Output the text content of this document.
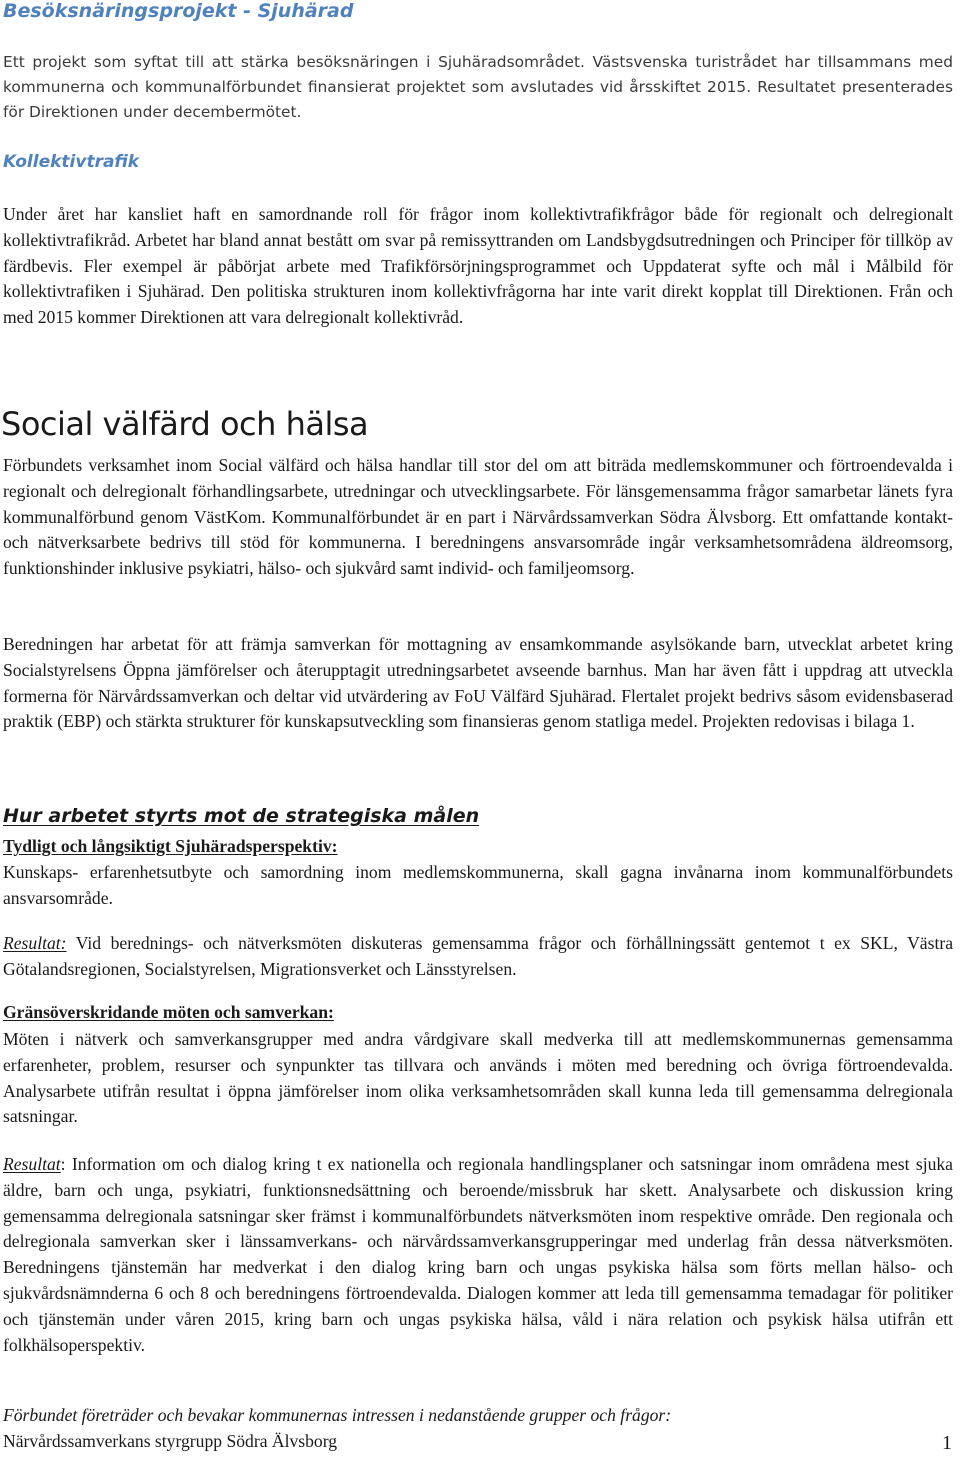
Besöksnäringsprojekt - Sjuhärad

Ett projekt som syftat till att stärka besöksnäringen i Sjuhäradsområdet. Västsvenska turistrådet har tillsammans med kommunerna och kommunalförbundet finansierat projektet som avslutades vid årsskiftet 2015. Resultatet presenterades för Direktionen under decembermötet.

Kollektivtrafik

Under året har kansliet haft en samordnande roll för frågor inom kollektivtrafikfrågor både för regionalt och delregionalt kollektivtrafikråd. Arbetet har bland annat bestått om svar på remissyttranden om Landsbygdsutredningen och Principer för tillköp av färdbevis. Fler exempel är påbörjat arbete med Trafikförsörjningsprogrammet och Uppdaterat syfte och mål i Målbild för kollektivtrafiken i Sjuhärad. Den politiska strukturen inom kollektivfrågorna har inte varit direkt kopplat till Direktionen. Från och med 2015 kommer Direktionen att vara delregionalt kollektivråd.

Social välfärd och hälsa

Förbundets verksamhet inom Social välfärd och hälsa handlar till stor del om att biträda medlemskommuner och förtroendevalda i regionalt och delregionalt förhandlingsarbete, utredningar och utvecklingsarbete. För länsgemensamma frågor samarbetar länets fyra kommunalförbund genom VästKom. Kommunalförbundet är en part i Närvårdssamverkan Södra Älvsborg. Ett omfattande kontakt- och nätverksarbete bedrivs till stöd för kommunerna. I beredningens ansvarsområde ingår verksamhetsområdena äldreomsorg, funktionshinder inklusive psykiatri, hälso- och sjukvård samt individ- och familjeomsorg.

Beredningen har arbetat för att främja samverkan för mottagning av ensamkommande asylsökande barn, utvecklat arbetet kring Socialstyrelsens Öppna jämförelser och återupptagit utredningsarbetet avseende barnhus. Man har även fått i uppdrag att utveckla formerna för Närvårdssamverkan och deltar vid utvärdering av FoU Välfärd Sjuhärad. Flertalet projekt bedrivs såsom evidensbaserad praktik (EBP) och stärkta strukturer för kunskapsutveckling som finansieras genom statliga medel. Projekten redovisas i bilaga 1.

Hur arbetet styrts mot de strategiska målen

Tydligt och långsiktigt Sjuhäradsperspektiv:

Kunskaps- erfarenhetsutbyte och samordning inom medlemskommunerna, skall gagna invånarna inom kommunalförbundets ansvarsområde.

Resultat: Vid berednings- och nätverksmöten diskuteras gemensamma frågor och förhållningssätt gentemot t ex SKL, Västra Götalandsregionen, Socialstyrelsen, Migrationsverket och Länsstyrelsen.

Gränsöverskridande möten och samverkan:

Möten i nätverk och samverkansgrupper med andra vårdgivare skall medverka till att medlemskommunernas gemensamma erfarenheter, problem, resurser och synpunkter tas tillvara och används i möten med beredning och övriga förtroendevalda. Analysarbete utifrån resultat i öppna jämförelser inom olika verksamhetsområden skall kunna leda till gemensamma delregionala satsningar.

Resultat: Information om och dialog kring t ex nationella och regionala handlingsplaner och satsningar inom områdena mest sjuka äldre, barn och unga, psykiatri, funktionsnedsättning och beroende/missbruk har skett. Analysarbete och diskussion kring gemensamma delregionala satsningar sker främst i kommunalförbundets nätverksmöten inom respektive område. Den regionala och delregionala samverkan sker i länssamverkans- och närvårdssamverkansgrupperingar med underlag från dessa nätverksmöten. Beredningens tjänstemän har medverkat i den dialog kring barn och ungas psykiska hälsa som förts mellan hälso- och sjukvårdsnämnderna 6 och 8 och beredningens förtroendevalda. Dialogen kommer att leda till gemensamma temadagar för politiker och tjänstemän under våren 2015, kring barn och ungas psykiska hälsa, våld i nära relation och psykisk hälsa utifrån ett folkhälsoperspektiv.

Förbundet företräder och bevakar kommunernas intressen i nedanstående grupper och frågor:

Närvårdssamverkans styrgrupp Södra Älvsborg	1
